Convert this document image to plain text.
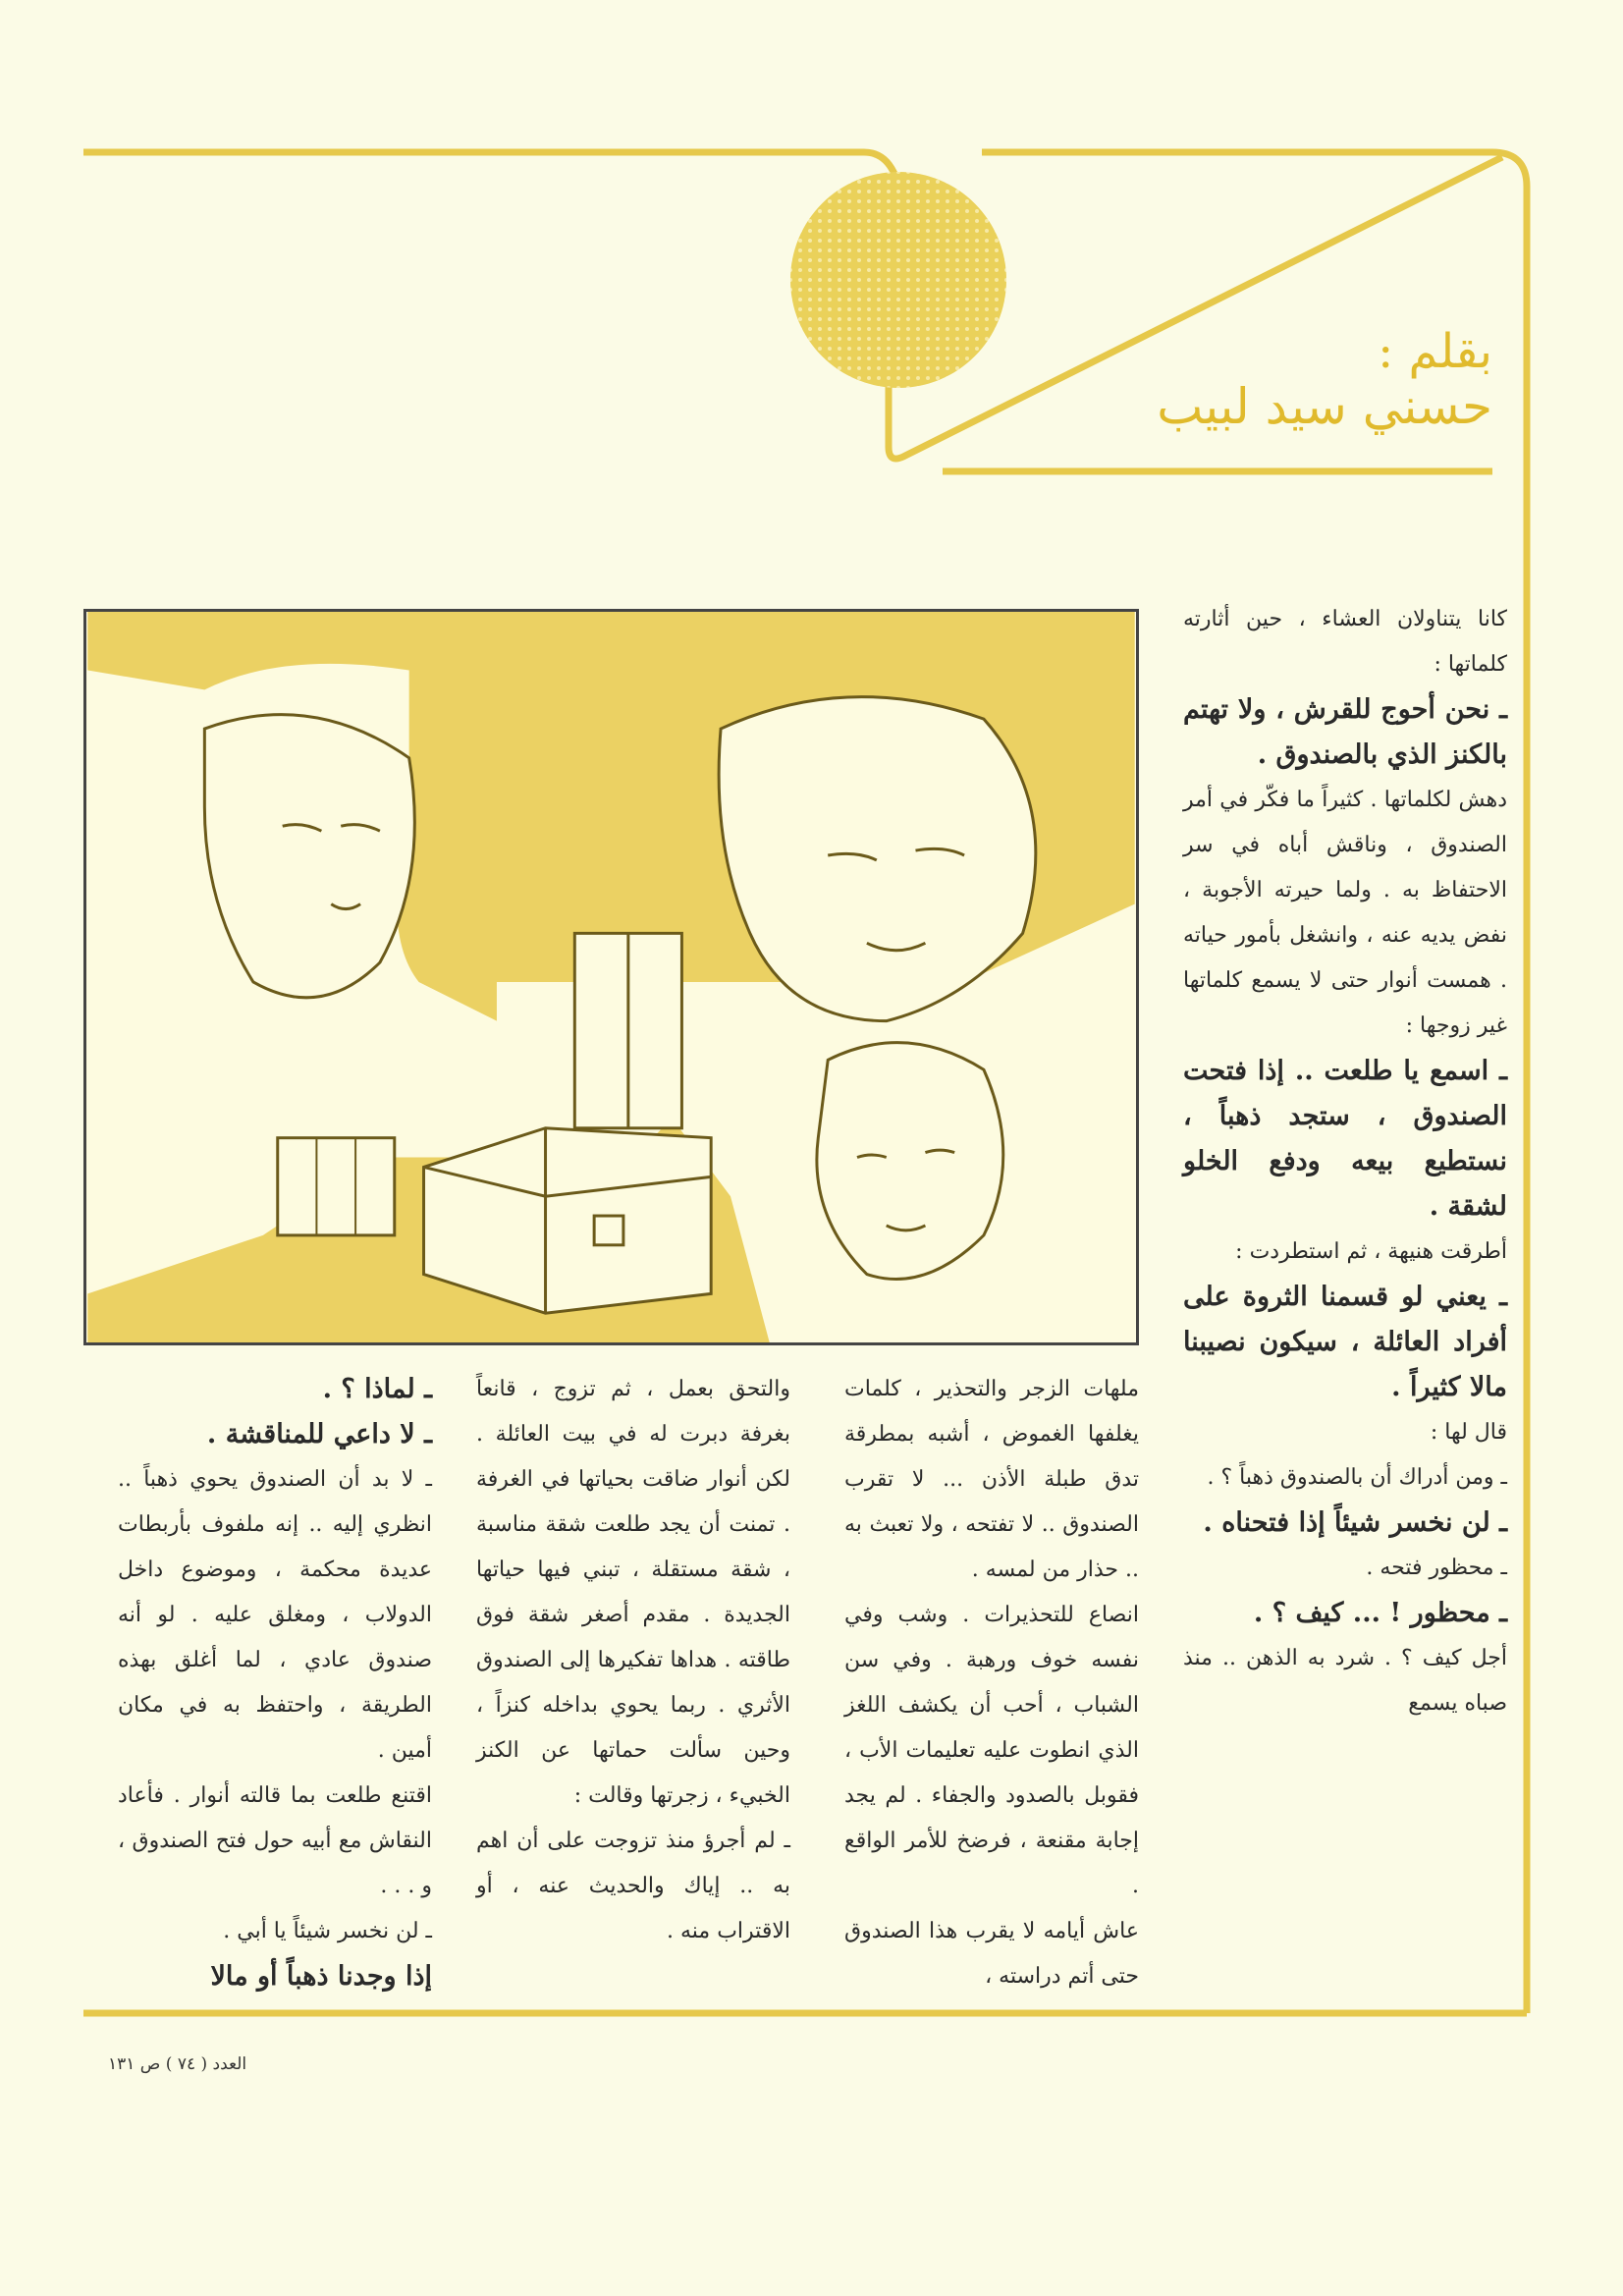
بقلم :
حسني سيد لبيب

كانا يتناولان العشاء ، حين أثارته كلماتها :

ـ نحن أحوج للقرش ، ولا تهتم بالكنز الذي بالصندوق .

دهش لكلماتها . كثيراً ما فكّر في أمر الصندوق ، وناقش أباه في سر الاحتفاظ به . ولما حيرته الأجوبة ، نفض يديه عنه ، وانشغل بأمور حياته . همست أنوار حتى لا يسمع كلماتها غير زوجها :

ـ اسمع يا طلعت .. إذا فتحت الصندوق ، ستجد ذهباً ، نستطيع بيعه ودفع الخلو لشقة .

أطرقت هنيهة ، ثم استطردت :

ـ يعني لو قسمنا الثروة على أفراد العائلة ، سيكون نصيبنا مالا كثيراً .

قال لها :

ـ ومن أدراك أن بالصندوق ذهباً ؟ .

ـ لن نخسر شيئاً إذا فتحناه .

ـ محظور فتحه .

ـ محظور ! ... كيف ؟ .

أجل كيف ؟ . شرد به الذهن .. منذ صباه يسمع

ملهات الزجر والتحذير ، كلمات يغلفها الغموض ، أشبه بمطرقة تدق طبلة الأذن ... لا تقرب الصندوق .. لا تفتحه ، ولا تعبث به .. حذار من لمسه .

انصاع للتحذيرات . وشب وفي نفسه خوف ورهبة . وفي سن الشباب ، أحب أن يكشف اللغز الذي انطوت عليه تعليمات الأب ، فقوبل بالصدود والجفاء . لم يجد إجابة مقنعة ، فرضخ للأمر الواقع .

عاش أيامه لا يقرب هذا الصندوق حتى أتم دراسته ،

والتحق بعمل ، ثم تزوج ، قانعاً بغرفة دبرت له في بيت العائلة . لكن أنوار ضاقت بحياتها في الغرفة . تمنت أن يجد طلعت شقة مناسبة ، شقة مستقلة ، تبني فيها حياتها الجديدة . مقدم أصغر شقة فوق طاقته . هداها تفكيرها إلى الصندوق الأثري . ربما يحوي بداخله كنزاً ، وحين سألت حماتها عن الكنز الخبيء ، زجرتها وقالت :

ـ لم أجرؤ منذ تزوجت على أن اهم به .. إياك والحديث عنه ، أو الاقتراب منه .

ـ لماذا ؟ .

ـ لا داعي للمناقشة .

ـ لا بد أن الصندوق يحوي ذهباً .. انظري إليه .. إنه ملفوف بأربطات عديدة محكمة ، وموضوع داخل الدولاب ، ومغلق عليه . لو أنه صندوق عادي ، لما أغلق بهذه الطريقة ، واحتفظ به في مكان أمين .

اقتنع طلعت بما قالته أنوار . فأعاد النقاش مع أبيه حول فتح الصندوق ، و . . .

ـ لن نخسر شيئاً يا أبي .

إذا وجدنا ذهباً أو مالا

العدد ( ٧٤ ) ص ١٣١
